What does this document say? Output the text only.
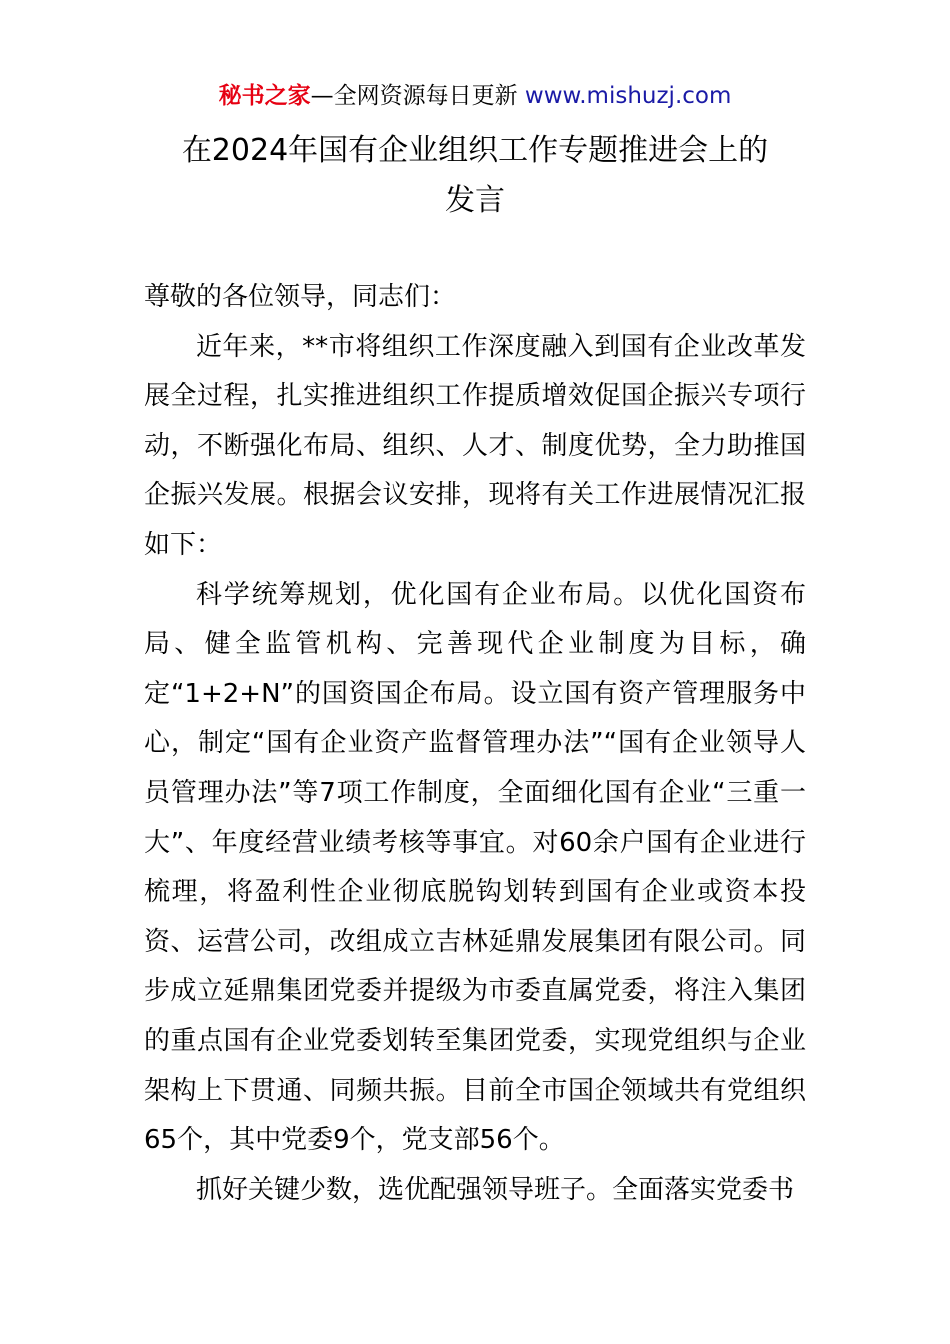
秘书之家—全网资源每日更新 www.mishuzj.com
在2024年国有企业组织工作专题推进会上的
发言

尊敬的各位领导，同志们：

近年来，**市将组织工作深度融入到国有企业改革发展全过程，扎实推进组织工作提质增效促国企振兴专项行动，不断强化布局、组织、人才、制度优势，全力助推国企振兴发展。根据会议安排，现将有关工作进展情况汇报如下：

科学统筹规划，优化国有企业布局。以优化国资布局、健全监管机构、完善现代企业制度为目标，确定“1+2+N”的国资国企布局。设立国有资产管理服务中心，制定“国有企业资产监督管理办法”“国有企业领导人员管理办法”等7项工作制度，全面细化国有企业“三重一大”、年度经营业绩考核等事宜。对60余户国有企业进行梳理，将盈利性企业彻底脱钩划转到国有企业或资本投资、运营公司，改组成立吉林延鼎发展集团有限公司。同步成立延鼎集团党委并提级为市委直属党委，将注入集团的重点国有企业党委划转至集团党委，实现党组织与企业架构上下贯通、同频共振。目前全市国企领域共有党组织65个，其中党委9个，党支部56个。

抓好关键少数，选优配强领导班子。全面落实党委书
